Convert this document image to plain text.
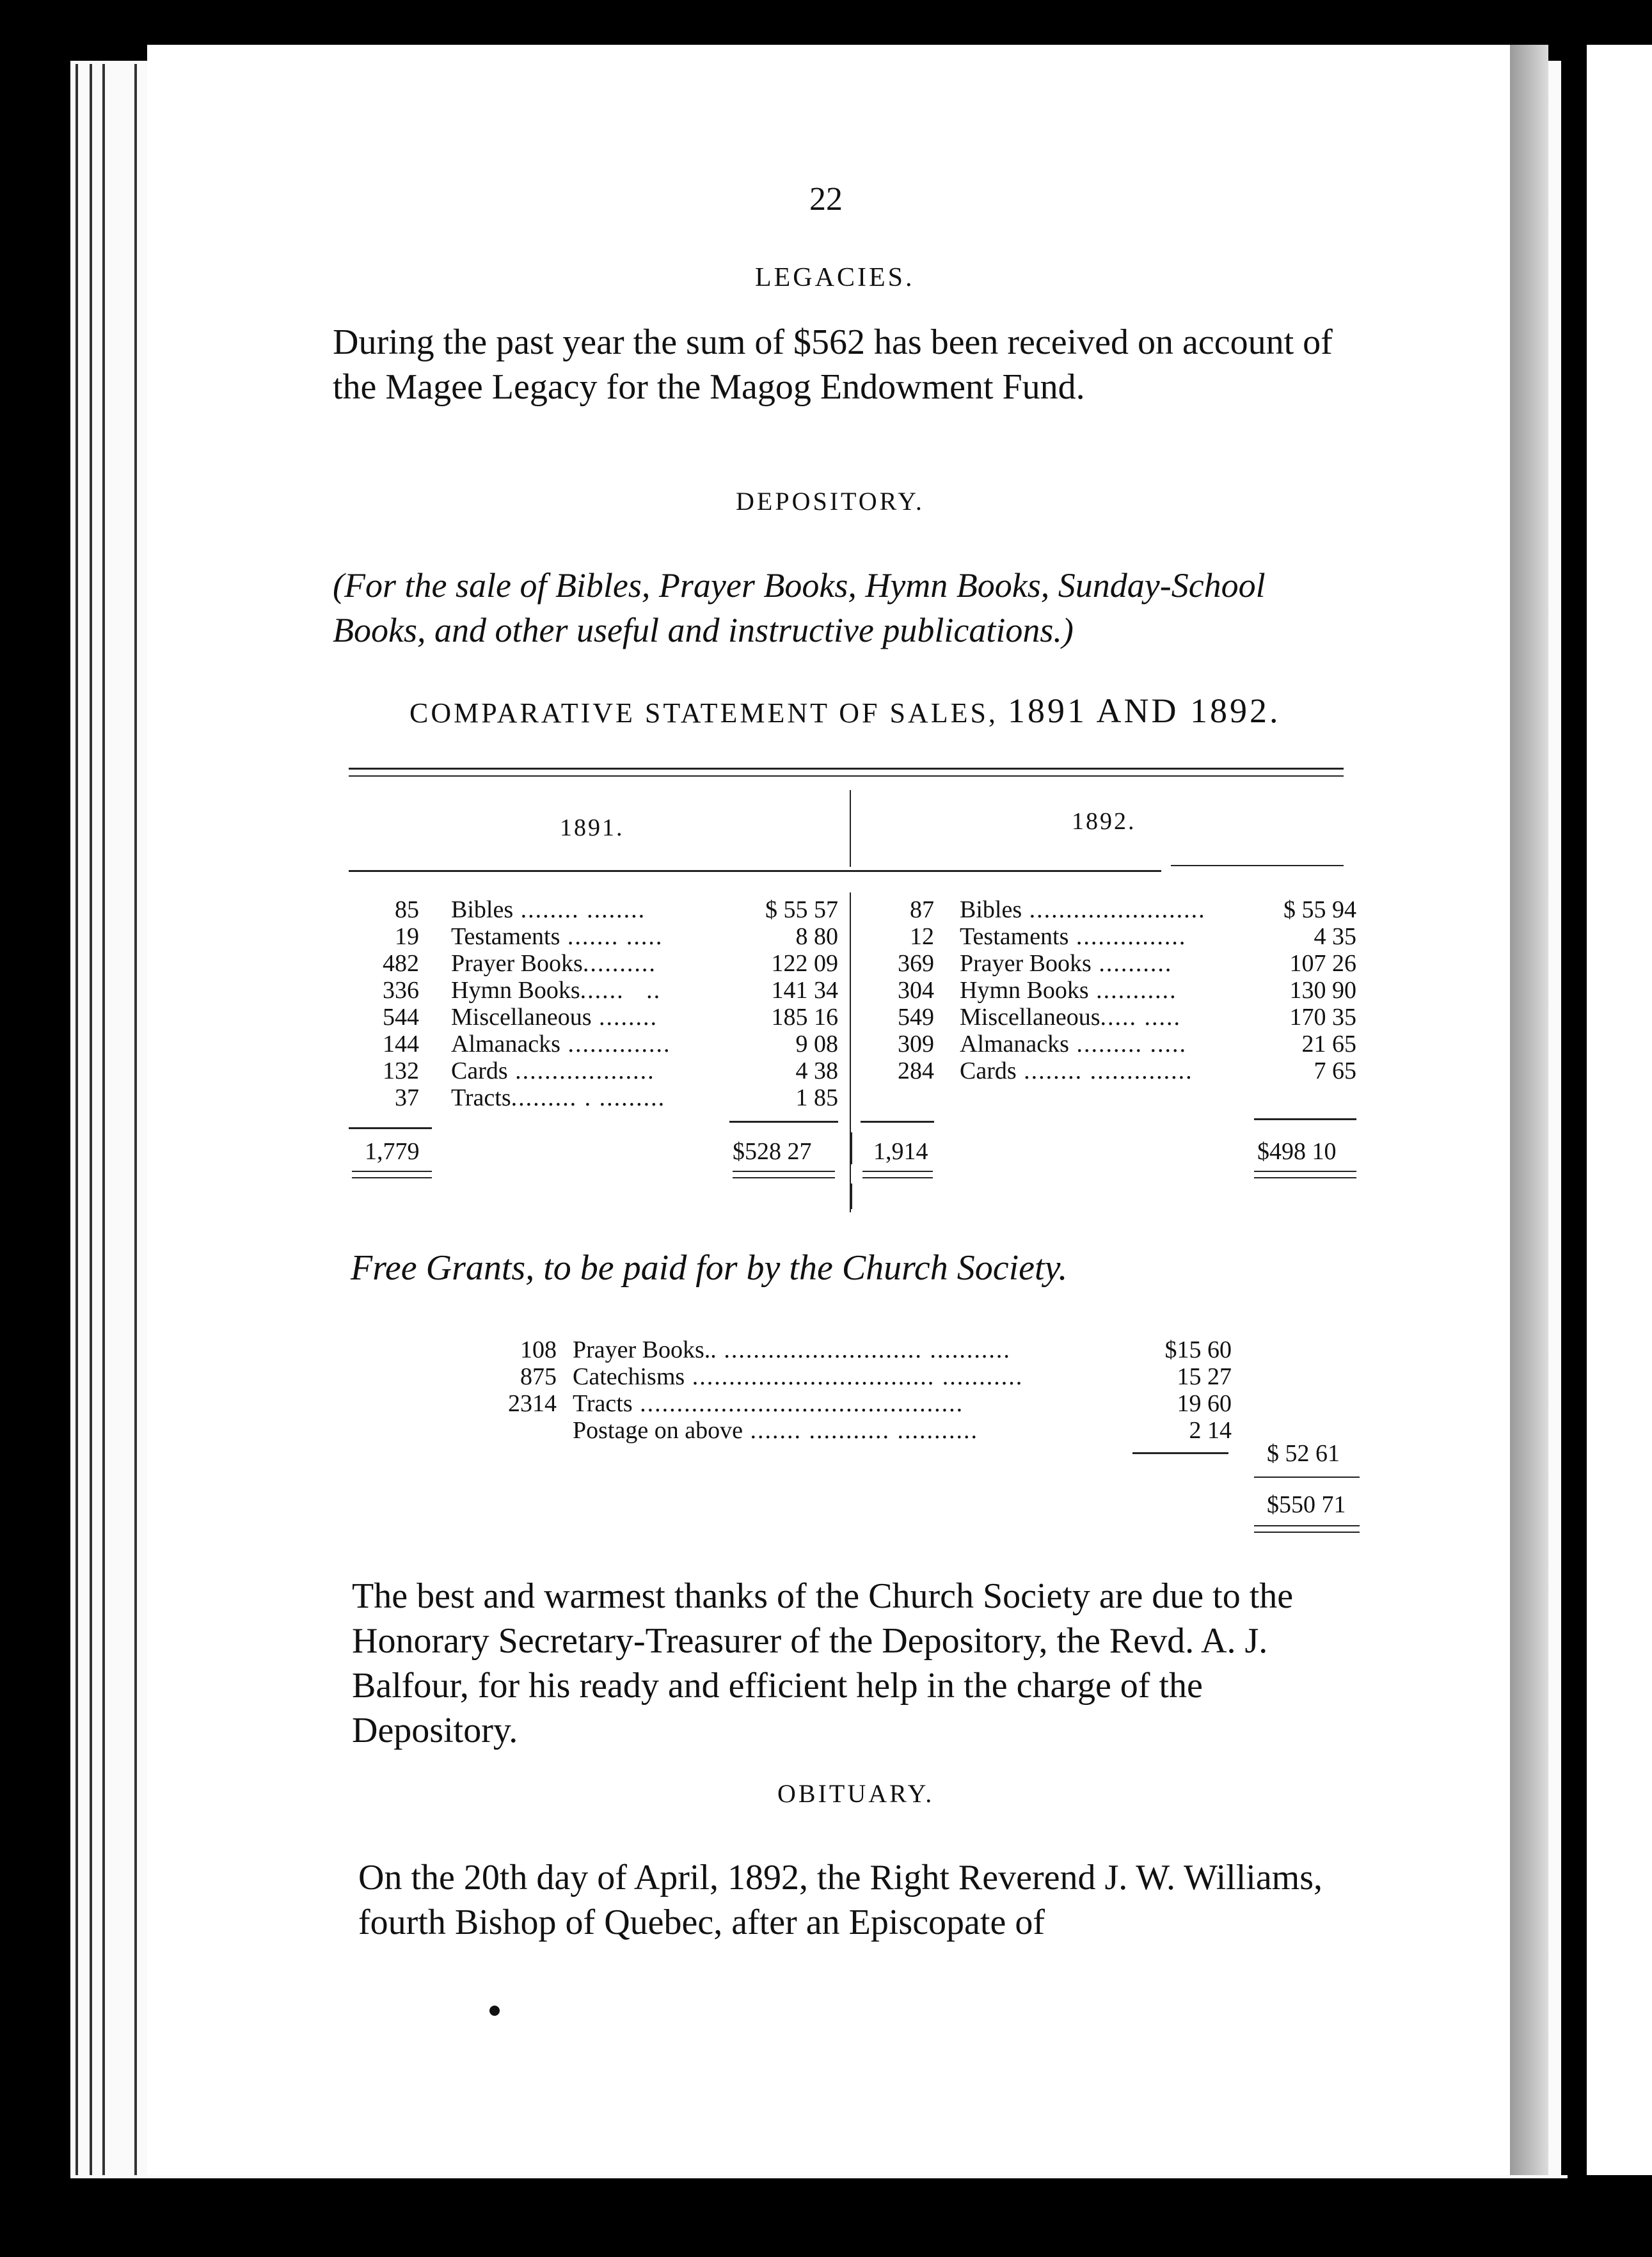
22
LEGACIES.
During the past year the sum of $562 has been received on account of the Magee Legacy for the Magog Endowment Fund.
DEPOSITORY.
(For the sale of Bibles, Prayer Books, Hymn Books, Sunday-School Books, and other useful and instructive publications.)
COMPARATIVE STATEMENT OF SALES, 1891 AND 1892.
1891.	1892.
85 Bibles ........ ........	$ 55 57
19 Testaments ....... .....	8 80
482 Prayer Books..........	122 09
336 Hymn Books......   ..	141 34
544 Miscellaneous ........	185 16
144 Almanacks ..............	9 08
132 Cards ...................	4 38
37 Tracts......... . .........	1 85
87 Bibles ........................	$ 55 94
12 Testaments ...............	4 35
369 Prayer Books ..........	107 26
304 Hymn Books ...........	130 90
549 Miscellaneous..... .....	170 35
309 Almanacks ......... .....	21 65
284 Cards ........ ..............	7 65
1,779	$528 27	1,914	$498 10
Free Grants, to be paid for by the Church Society.
108 Prayer Books.. ........................... ...........	$15 60
875 Catechisms ................................. ...........	15 27
2314 Tracts ............................................	19 60
Postage on above ....... ........... ...........	2 14
$ 52 61
$550 71
The best and warmest thanks of the Church Society are due to the Honorary Secretary-Treasurer of the Depository, the Revd. A. J. Balfour, for his ready and efficient help in the charge of the Depository.
OBITUARY.
On the 20th day of April, 1892, the Right Reverend J. W. Williams, fourth Bishop of Quebec, after an Episcopate of
